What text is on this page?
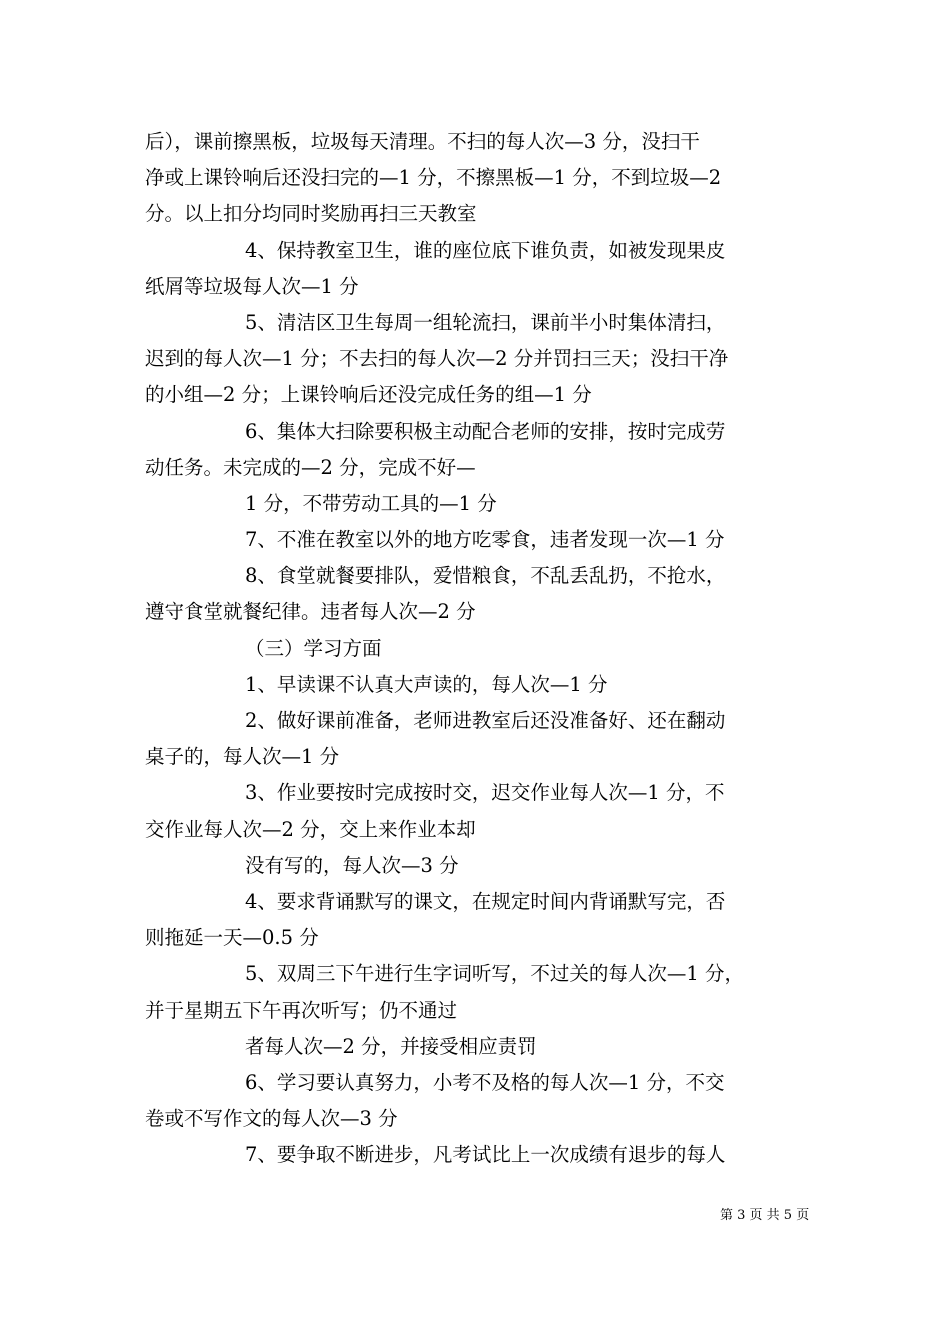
后），课前擦黑板，垃圾每天清理。不扫的每人次—3 分，没扫干
净或上课铃响后还没扫完的—1 分，不擦黑板—1 分，不到垃圾—2
分。以上扣分均同时奖励再扫三天教室
4、保持教室卫生，谁的座位底下谁负责，如被发现果皮
纸屑等垃圾每人次—1 分
5、清洁区卫生每周一组轮流扫，课前半小时集体清扫，
迟到的每人次—1 分；不去扫的每人次—2 分并罚扫三天；没扫干净
的小组—2 分；上课铃响后还没完成任务的组—1 分
6、集体大扫除要积极主动配合老师的安排，按时完成劳
动任务。未完成的—2 分，完成不好—
1 分，不带劳动工具的—1 分
7、不准在教室以外的地方吃零食，违者发现一次—1 分
8、食堂就餐要排队，爱惜粮食，不乱丢乱扔，不抢水，
遵守食堂就餐纪律。违者每人次—2 分
（三）学习方面
1、早读课不认真大声读的，每人次—1 分
2、做好课前准备，老师进教室后还没准备好、还在翻动
桌子的，每人次—1 分
3、作业要按时完成按时交，迟交作业每人次—1 分，不
交作业每人次—2 分，交上来作业本却
没有写的，每人次—3 分
4、要求背诵默写的课文，在规定时间内背诵默写完，否
则拖延一天—0.5 分
5、双周三下午进行生字词听写，不过关的每人次—1 分，
并于星期五下午再次听写；仍不通过
者每人次—2 分，并接受相应责罚
6、学习要认真努力，小考不及格的每人次—1 分，不交
卷或不写作文的每人次—3 分
7、要争取不断进步，凡考试比上一次成绩有退步的每人
第 3 页 共 5 页
